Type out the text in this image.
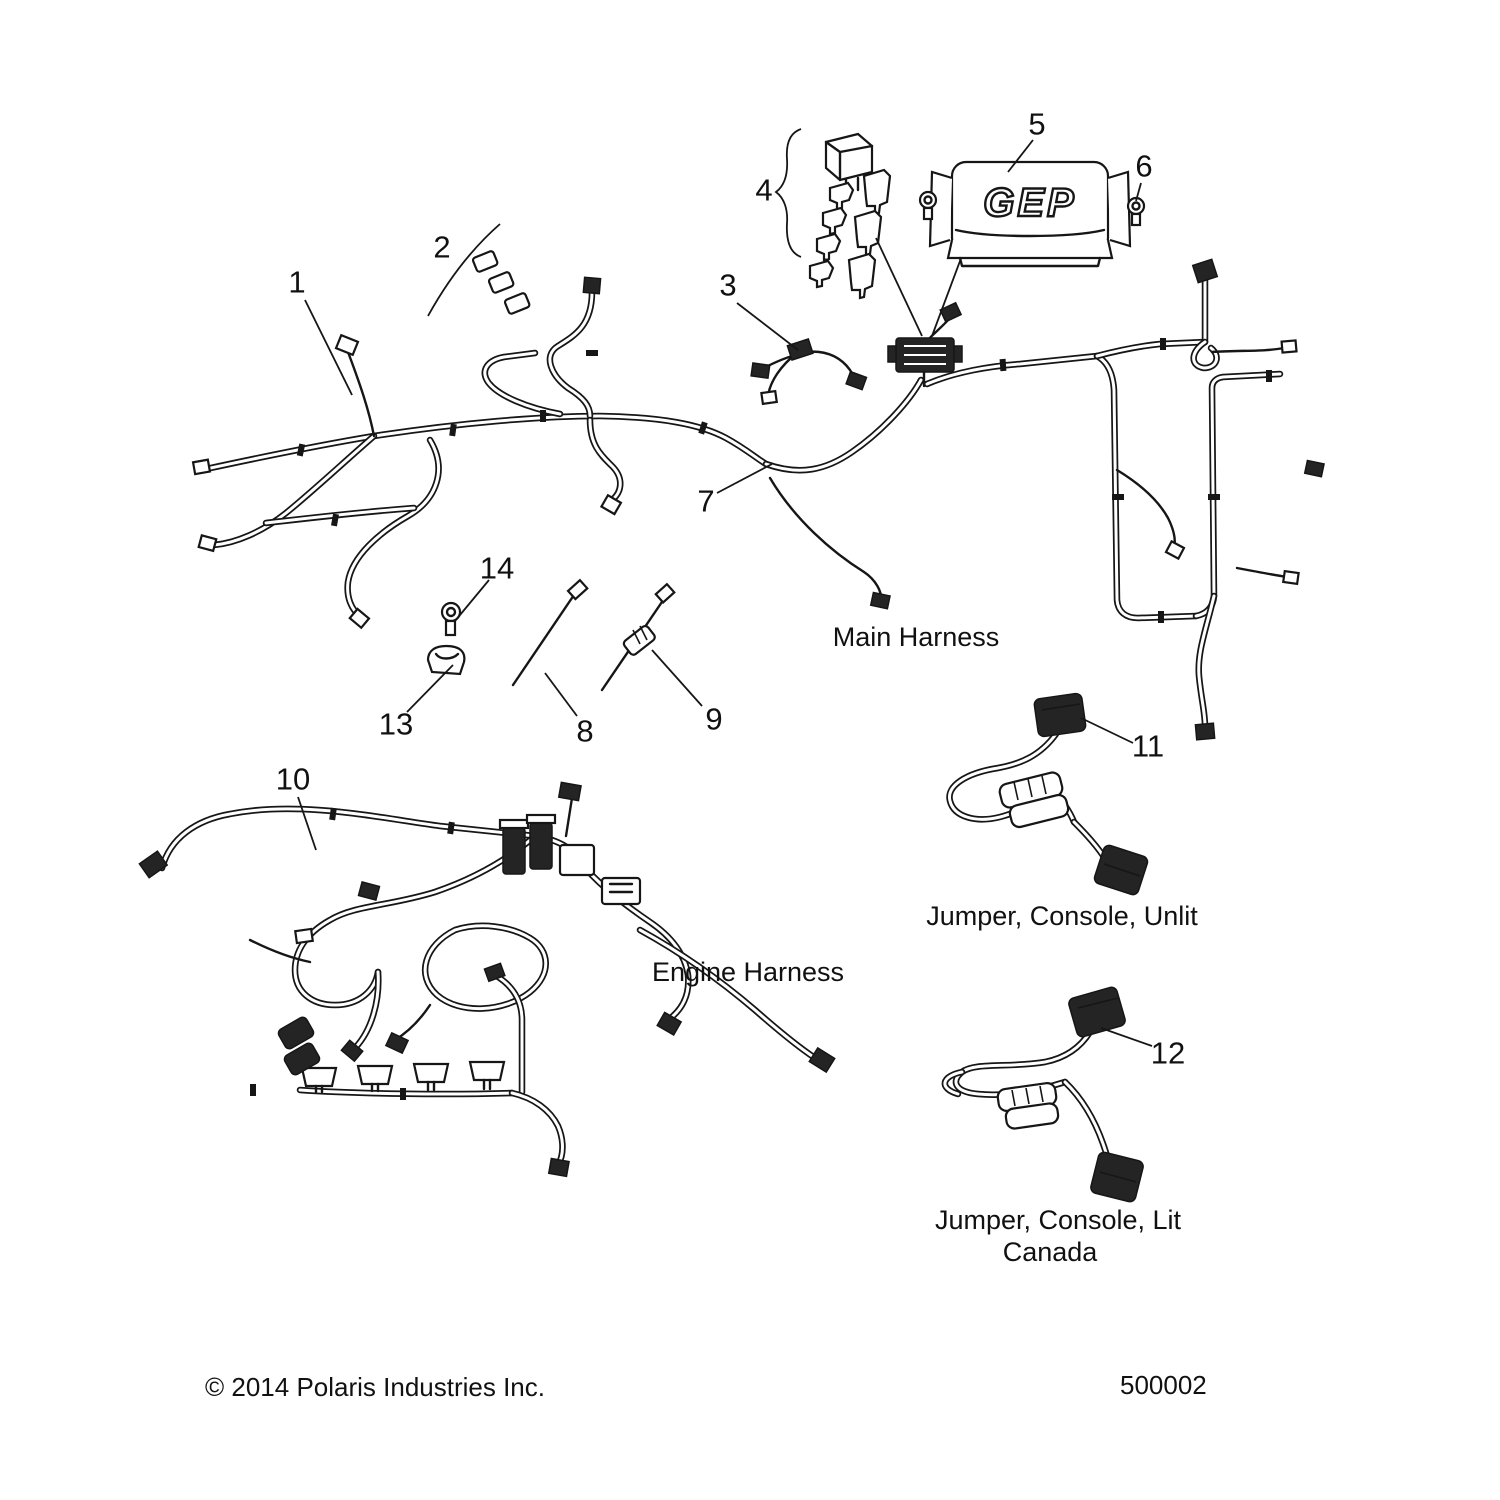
GEP
1
2
3
4
5
6
7
8	9
10
11
12
13
14
Main Harness
Engine Harness
Jumper, Console, Unlit
Jumper, Console, Lit
Canada
© 2014 Polaris Industries Inc.	500002
